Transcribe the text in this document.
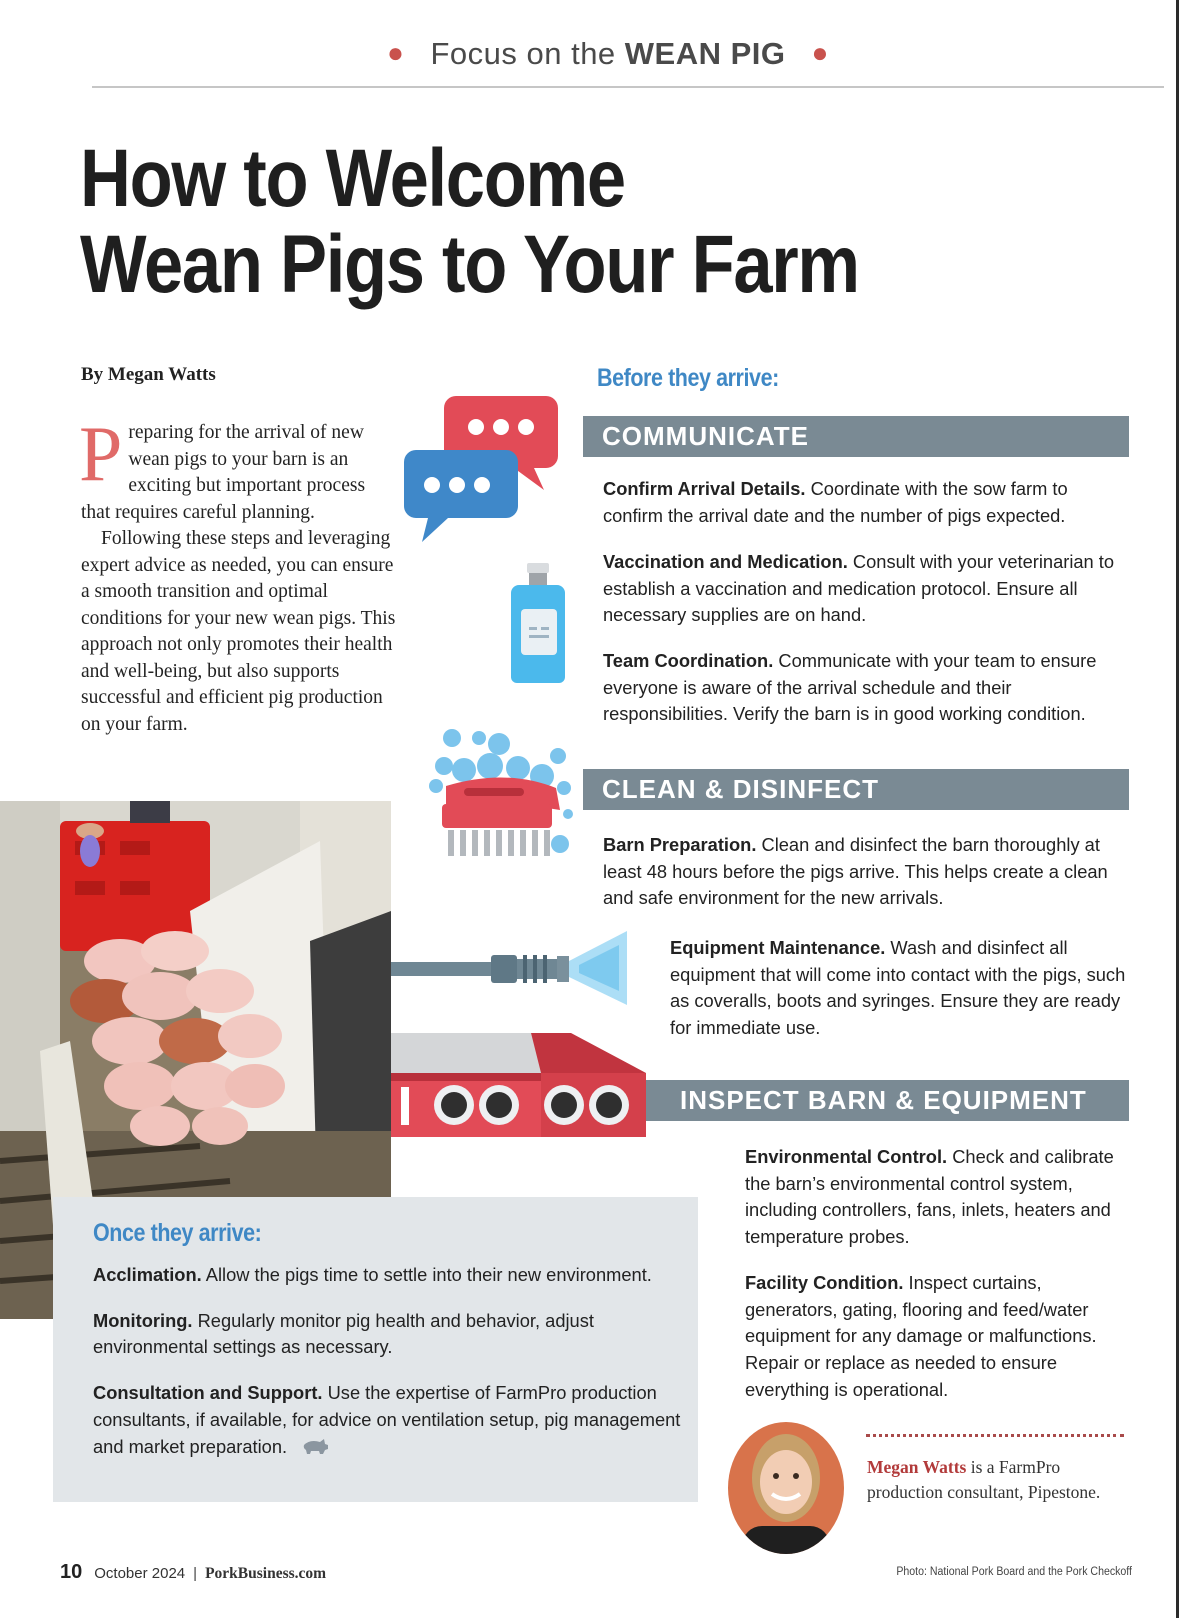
● Focus on the WEAN PIG ●
How to Welcome
Wean Pigs to Your Farm
By Megan Watts

Preparing for the arrival of new wean pigs to your barn is an exciting but important process that requires careful planning.

Following these steps and leveraging expert advice as needed, you can ensure a smooth transition and optimal conditions for your new wean pigs. This approach not only promotes their health and well-being, but also supports successful and efficient pig production on your farm.

Before they arrive:
COMMUNICATE
Confirm Arrival Details. Coordinate with the sow farm to confirm the arrival date and the number of pigs expected.
Vaccination and Medication. Consult with your veterinarian to establish a vaccination and medication protocol. Ensure all necessary supplies are on hand.
Team Coordination. Communicate with your team to ensure everyone is aware of the arrival schedule and their responsibilities. Verify the barn is in good working condition.
CLEAN & DISINFECT
Barn Preparation. Clean and disinfect the barn thoroughly at least 48 hours before the pigs arrive. This helps create a clean and safe environment for the new arrivals.
Equipment Maintenance. Wash and disinfect all equipment that will come into contact with the pigs, such as coveralls, boots and syringes. Ensure they are ready for immediate use.
INSPECT BARN & EQUIPMENT
Environmental Control. Check and calibrate the barn’s environmental control system, including controllers, fans, inlets, heaters and temperature probes.
Facility Condition. Inspect curtains, generators, gating, flooring and feed/water equipment for any damage or malfunctions. Repair or replace as needed to ensure everything is operational.
Once they arrive:
Acclimation. Allow the pigs time to settle into their new environment.
Monitoring. Regularly monitor pig health and behavior, adjust environmental settings as necessary.
Consultation and Support. Use the expertise of FarmPro production consultants, if available, for advice on ventilation setup, pig management and market preparation.
Megan Watts is a FarmPro production consultant, Pipestone.
10 October 2024 | PorkBusiness.com	Photo: National Pork Board and the Pork Checkoff
